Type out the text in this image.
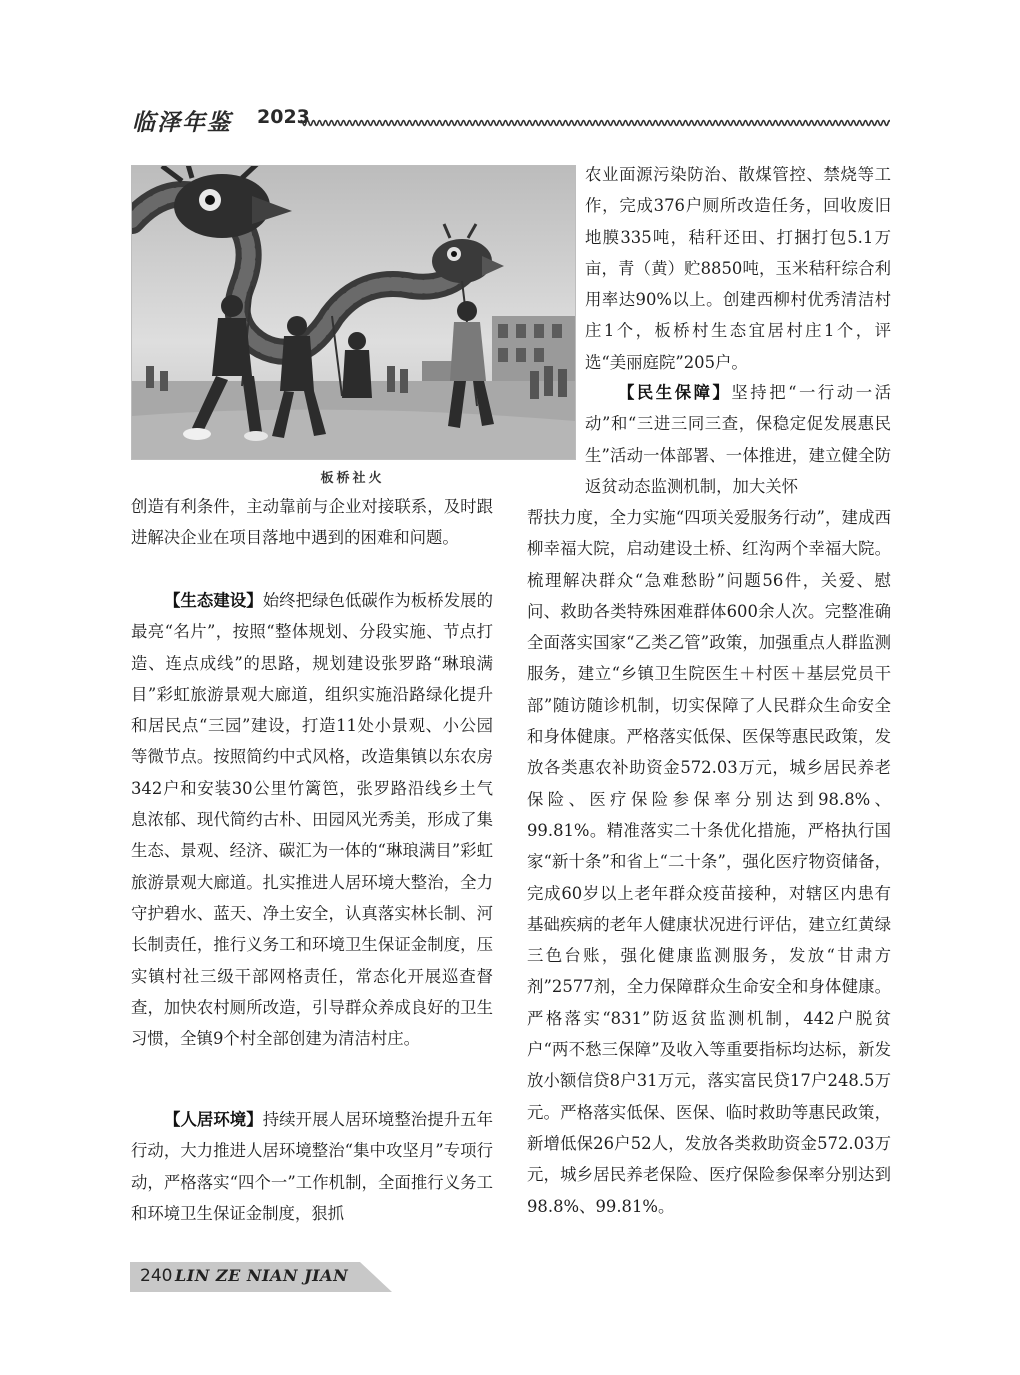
临泽年鉴 2023
板桥社火

创造有利条件，主动靠前与企业对接联系，及时跟进解决企业在项目落地中遇到的困难和问题。

【生态建设】始终把绿色低碳作为板桥发展的最亮“名片”，按照“整体规划、分段实施、节点打造、连点成线”的思路，规划建设张罗路“琳琅满目”彩虹旅游景观大廊道，组织实施沿路绿化提升和居民点“三园”建设，打造11处小景观、小公园等微节点。按照简约中式风格，改造集镇以东农房342户和安装30公里竹篱笆，张罗路沿线乡土气息浓郁、现代简约古朴、田园风光秀美，形成了集生态、景观、经济、碳汇为一体的“琳琅满目”彩虹旅游景观大廊道。扎实推进人居环境大整治，全力守护碧水、蓝天、净土安全，认真落实林长制、河长制责任，推行义务工和环境卫生保证金制度，压实镇村社三级干部网格责任，常态化开展巡查督查，加快农村厕所改造，引导群众养成良好的卫生习惯，全镇9个村全部创建为清洁村庄。

【人居环境】持续开展人居环境整治提升五年行动，大力推进人居环境整治“集中攻坚月”专项行动，严格落实“四个一”工作机制，全面推行义务工和环境卫生保证金制度，狠抓

农业面源污染防治、散煤管控、禁烧等工作，完成376户厕所改造任务，回收废旧地膜335吨，秸秆还田、打捆打包5.1万亩，青（黄）贮8850吨，玉米秸秆综合利用率达90%以上。创建西柳村优秀清洁村庄1个，板桥村生态宜居村庄1个，评选“美丽庭院”205户。

【民生保障】坚持把“一行动一活动”和“三进三同三查，保稳定促发展惠民生”活动一体部署、一体推进，建立健全防返贫动态监测机制，加大关怀

帮扶力度，全力实施“四项关爱服务行动”，建成西柳幸福大院，启动建设土桥、红沟两个幸福大院。梳理解决群众“急难愁盼”问题56件，关爱、慰问、救助各类特殊困难群体600余人次。完整准确全面落实国家“乙类乙管”政策，加强重点人群监测服务，建立“乡镇卫生院医生＋村医＋基层党员干部”随访随诊机制，切实保障了人民群众生命安全和身体健康。严格落实低保、医保等惠民政策，发放各类惠农补助资金572.03万元，城乡居民养老保险、医疗保险参保率分别达到98.8%、99.81%。精准落实二十条优化措施，严格执行国家“新十条”和省上“二十条”，强化医疗物资储备，完成60岁以上老年群众疫苗接种，对辖区内患有基础疾病的老年人健康状况进行评估，建立红黄绿三色台账，强化健康监测服务，发放“甘肃方剂”2577剂，全力保障群众生命安全和身体健康。严格落实“831”防返贫监测机制，442户脱贫户“两不愁三保障”及收入等重要指标均达标，新发放小额信贷8户31万元，落实富民贷17户248.5万元。严格落实低保、医保、临时救助等惠民政策，新增低保26户52人，发放各类救助资金572.03万元，城乡居民养老保险、医疗保险参保率分别达到98.8%、99.81%。

240 LIN ZE NIAN JIAN
